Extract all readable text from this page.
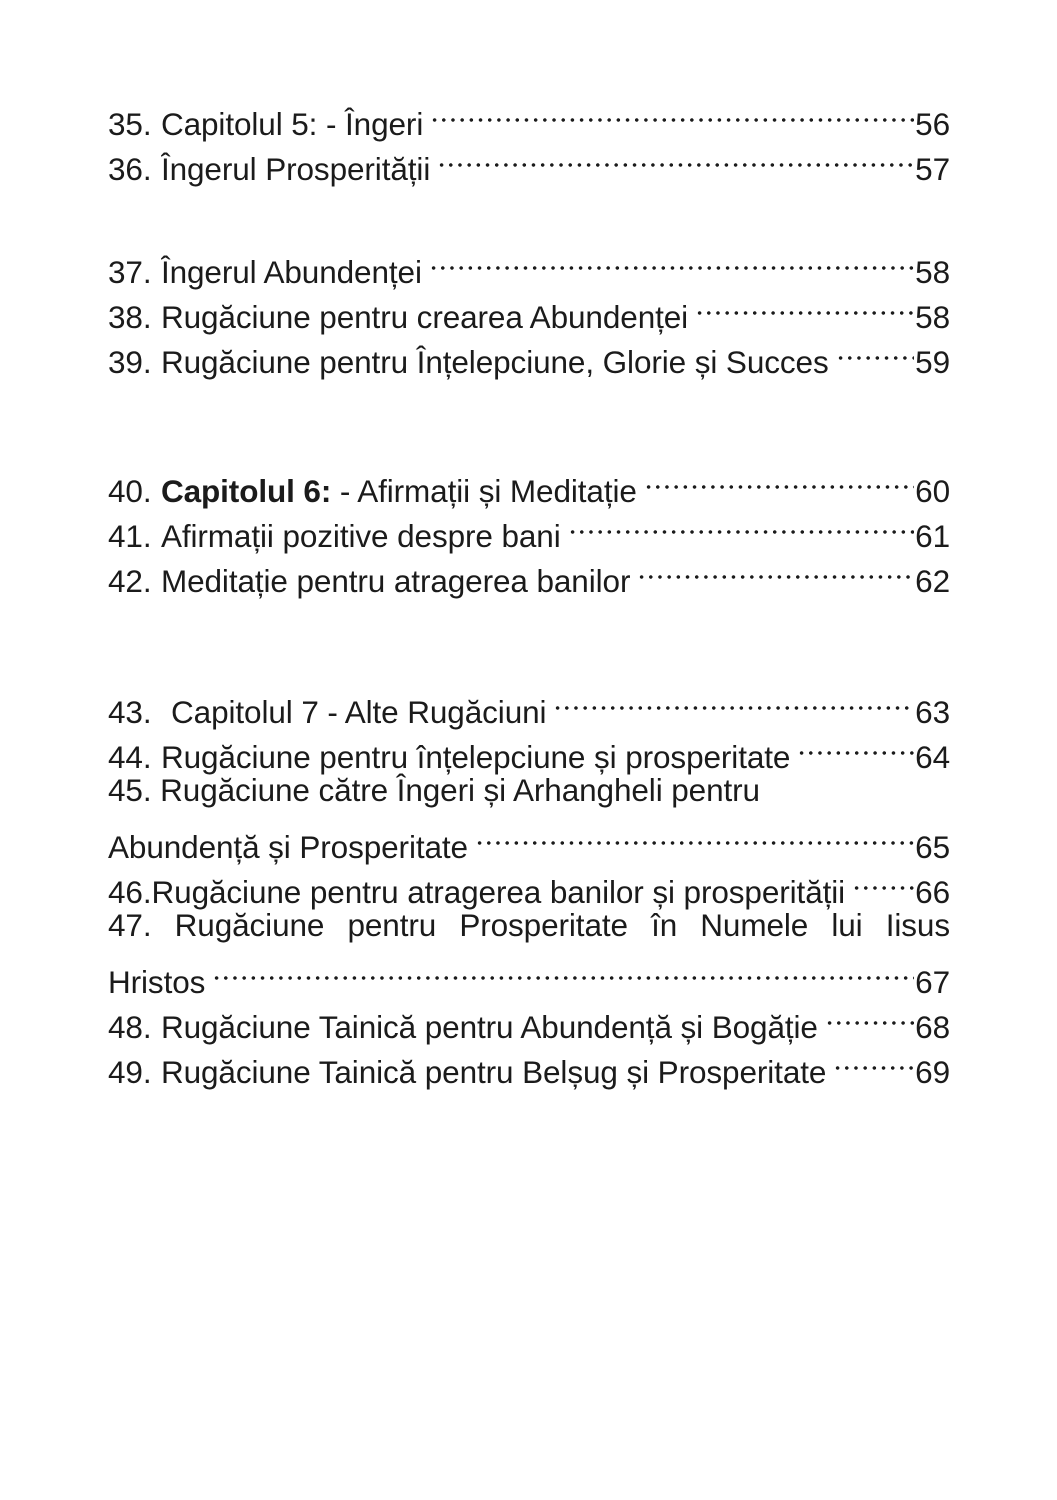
35. Capitolul 5: - Îngeri	56
36. Îngerul Prosperității	57
37. Îngerul Abundenței	58
38. Rugăciune pentru crearea Abundenței	58
39. Rugăciune pentru Înțelepciune, Glorie și Succes	59
40. Capitolul 6: - Afirmații și Meditație	60
41. Afirmații pozitive despre bani	61
42. Meditație pentru atragerea banilor	62
43. Capitolul 7 - Alte Rugăciuni	63
44. Rugăciune pentru înțelepciune și prosperitate	64
45. Rugăciune către Îngeri și Arhangheli pentru
Abundență și Prosperitate	65
46. Rugăciune pentru atragerea banilor și prosperității 66
47. Rugăciune pentru Prosperitate în Numele lui Iisus
Hristos	67
48. Rugăciune Tainică pentru Abundență și Bogăție	68
49. Rugăciune Tainică pentru Belșug și Prosperitate	69
